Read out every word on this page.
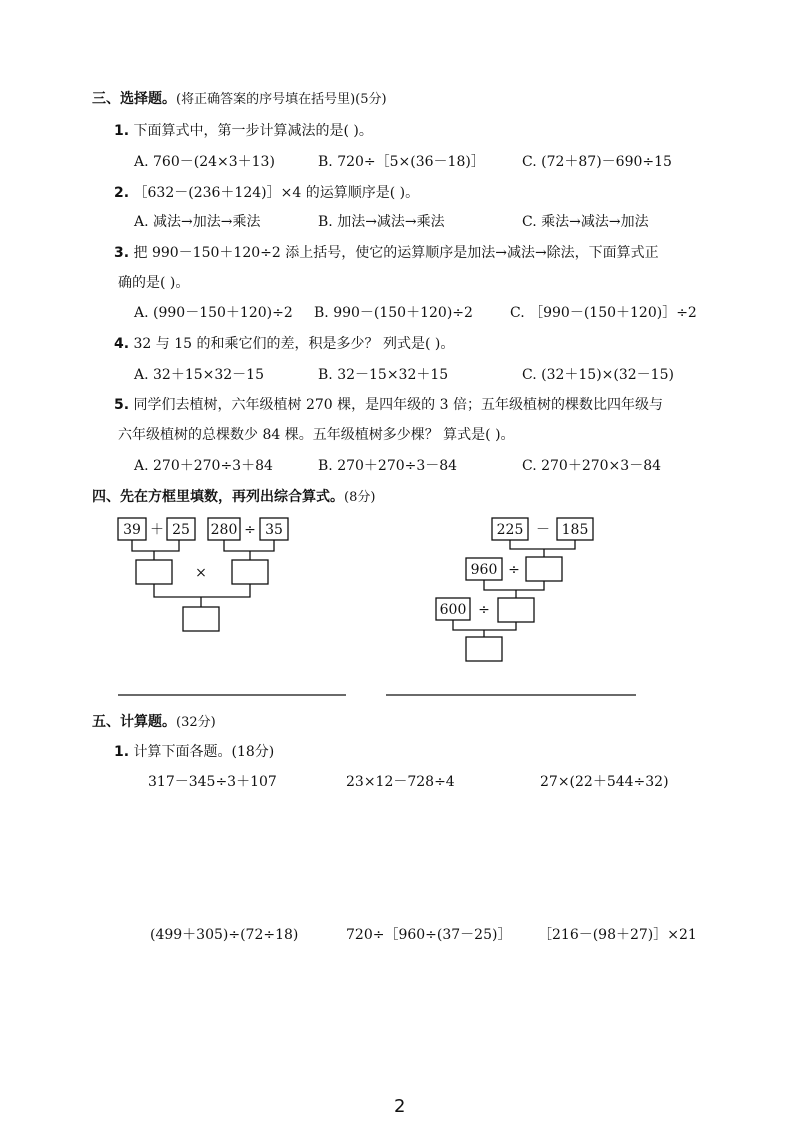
三、选择题。(将正确答案的序号填在括号里)(5分)
1. 下面算式中，第一步计算减法的是( )。
A. 760－(24×3＋13)	B. 720÷［5×(36－18)］	C. (72＋87)－690÷15
2. ［632－(236＋124)］×4 的运算顺序是( )。
A. 减法→加法→乘法	B. 加法→减法→乘法	C. 乘法→减法→加法
3. 把 990－150＋120÷2 添上括号，使它的运算顺序是加法→减法→除法，下面算式正
确的是( )。
A. (990－150＋120)÷2 B. 990－(150＋120)÷2	C. ［990－(150＋120)］÷2
4. 32 与 15 的和乘它们的差，积是多少？ 列式是( )。
A. 32＋15×32－15	B. 32－15×32＋15	C. (32＋15)×(32－15)
5. 同学们去植树，六年级植树 270 棵，是四年级的 3 倍；五年级植树的棵数比四年级与
六年级植树的总棵数少 84 棵。五年级植树多少棵？ 算式是( )。
A. 270＋270÷3＋84	B. 270＋270÷3－84	C. 270＋270×3－84
四、先在方框里填数，再列出综合算式。(8分)
39 ＋ 25 280 ÷ 35
×
225 － 185
960 ÷
600 ÷
五、计算题。(32分)
1. 计算下面各题。(18分)
317－345÷3＋107	23×12－728÷4	27×(22＋544÷32)
(499＋305)÷(72÷18)	720÷［960÷(37－25)］ ［216－(98＋27)］×21
2
